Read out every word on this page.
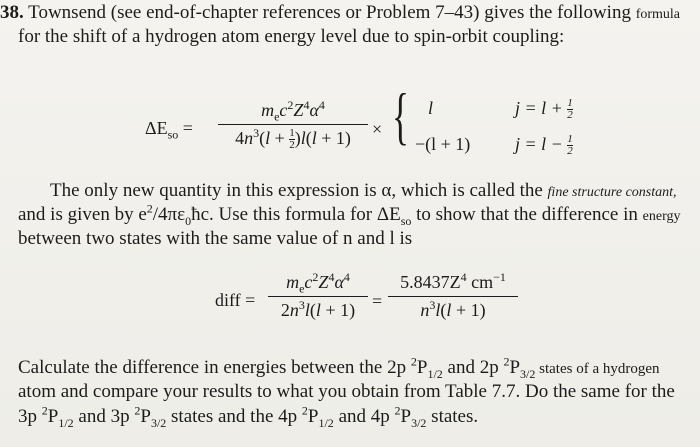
38. Townsend (see end-of-chapter references or Problem 7–43) gives the following formula
for the shift of a hydrogen atom energy level due to spin-orbit coupling:
$\Delta E_{so}$ =
$m_ec^2Z^4\alpha^4$
$4n^3(l + \frac{1}{2} )l(l + 1)$	× { l
−(l + 1)
$j = l + \frac{1}{2}$
$j = l - \frac{1}{2}$
The only new quantity in this expression is α, which is called the fine structure constant,
and is given by $e^2/4\pi\varepsilon_0ħc$. Use this formula for $\Delta E_{so}$ to show that the difference in energy
between two states with the same value of n and l is
diff =
$m_ec^2Z^4\alpha^4$
$2n^3l(l + 1)$ =
$5.8437Z^4$ $cm^{-1}$
$n^3l(l + 1)$
Calculate the difference in energies between the 2p $^2P_{1/2}$ and 2p $^2P_{3/2}$ states of a hydrogen
atom and compare your results to what you obtain from Table 7.7. Do the same for the
3p $^2P_{1/2}$ and 3p $^2P_{3/2}$ states and the 4p $^2P_{1/2}$ and 4p $^2P_{3/2}$ states.
